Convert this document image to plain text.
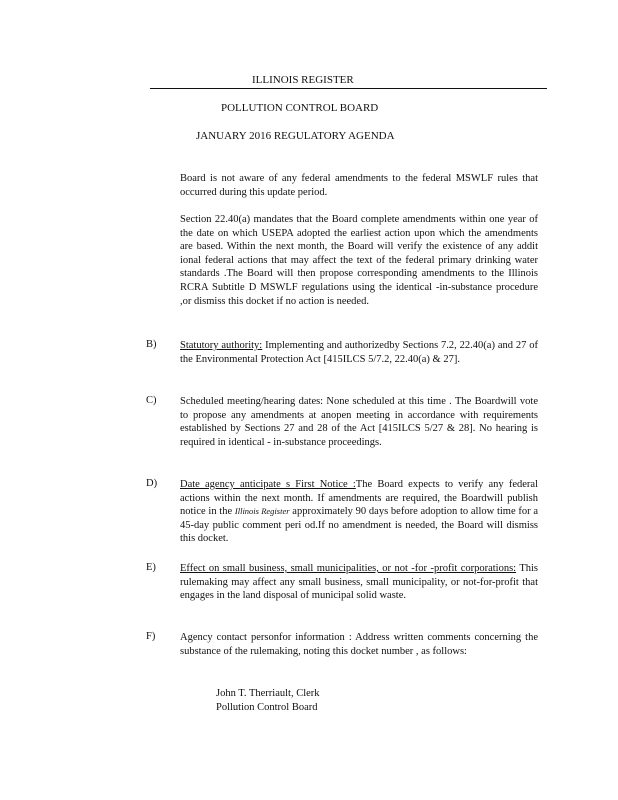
ILLINOIS REGISTER
POLLUTION CONTROL BOARD
JANUARY 2016 REGULATORY AGENDA
Board is not aware of any federal amendments to the federal MSWLF rules that occurred during this update period.
Section 22.40(a) mandates that the Board complete amendments within one year of the date on which USEPA adopted the earliest action upon which the amendments are based. Within the next month, the Board will verify the existence of any addit ional federal actions that may affect the text of the federal primary drinking water standards .The Board will then propose corresponding amendments to the Illinois RCRA Subtitle D MSWLF regulations using the identical -in-substance procedure ,or dismiss this docket if no action is needed.
B) Statutory authority: Implementing and authorizedby Sections 7.2, 22.40(a) and 27 of the Environmental Protection Act [415ILCS 5/7.2, 22.40(a) & 27].
C) Scheduled meeting/hearing dates: None scheduled at this time . The Boardwill vote to propose any amendments at anopen meeting in accordance with requirements established by Sections 27 and 28 of the Act [415ILCS 5/27 & 28]. No hearing is required in identical - in-substance proceedings.
D) Date agency anticipate s First Notice :The Board expects to verify any federal actions within the next month. If amendments are required, the Boardwill publish notice in the Illinois Register approximately 90 days before adoption to allow time for a 45-day public comment peri od.If no amendment is needed, the Board will dismiss this docket.
E) Effect on small business, small municipalities, or not -for -profit corporations: This rulemaking may affect any small business, small municipality, or not-for-profit that engages in the land disposal of municipal solid waste.
F) Agency contact personfor information : Address written comments concerning the substance of the rulemaking, noting this docket number , as follows:
John T. Therriault, Clerk
Pollution Control Board
